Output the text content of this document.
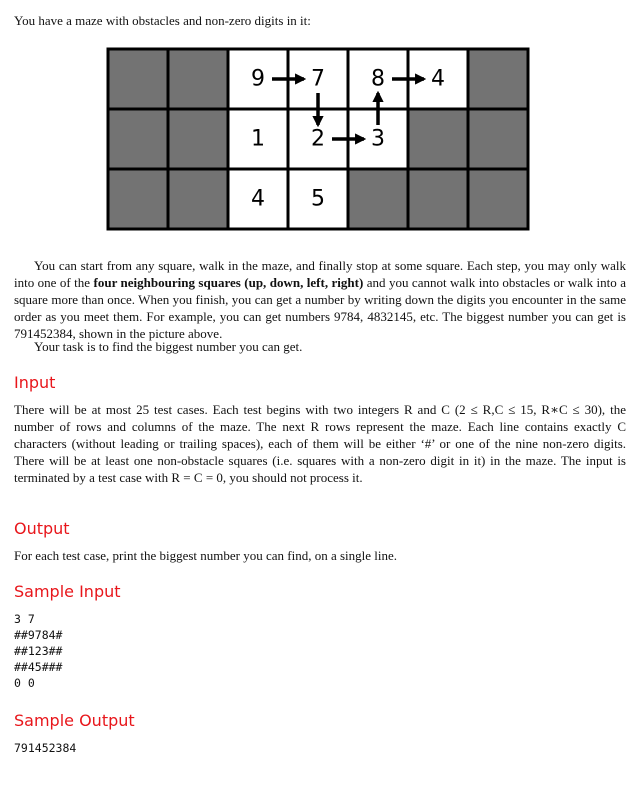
You have a maze with obstacles and non-zero digits in it:
9 7 8 4
1 2 3
4 5
You can start from any square, walk in the maze, and finally stop at some square. Each step, you may only walk into one of the four neighbouring squares (up, down, left, right) and you cannot walk into obstacles or walk into a square more than once. When you finish, you can get a number by writing down the digits you encounter in the same order as you meet them. For example, you can get numbers 9784, 4832145, etc. The biggest number you can get is 791452384, shown in the picture above.
Your task is to find the biggest number you can get.
Input
There will be at most 25 test cases. Each test begins with two integers R and C (2 ≤ R,C ≤ 15, R∗C ≤ 30), the number of rows and columns of the maze. The next R rows represent the maze. Each line contains exactly C characters (without leading or trailing spaces), each of them will be either ‘#’ or one of the nine non-zero digits. There will be at least one non-obstacle squares (i.e. squares with a non-zero digit in it) in the maze. The input is terminated by a test case with R = C = 0, you should not process it.
Output
For each test case, print the biggest number you can find, on a single line.
Sample Input
3 7
##9784#
##123##
##45###
0 0
Sample Output
791452384
